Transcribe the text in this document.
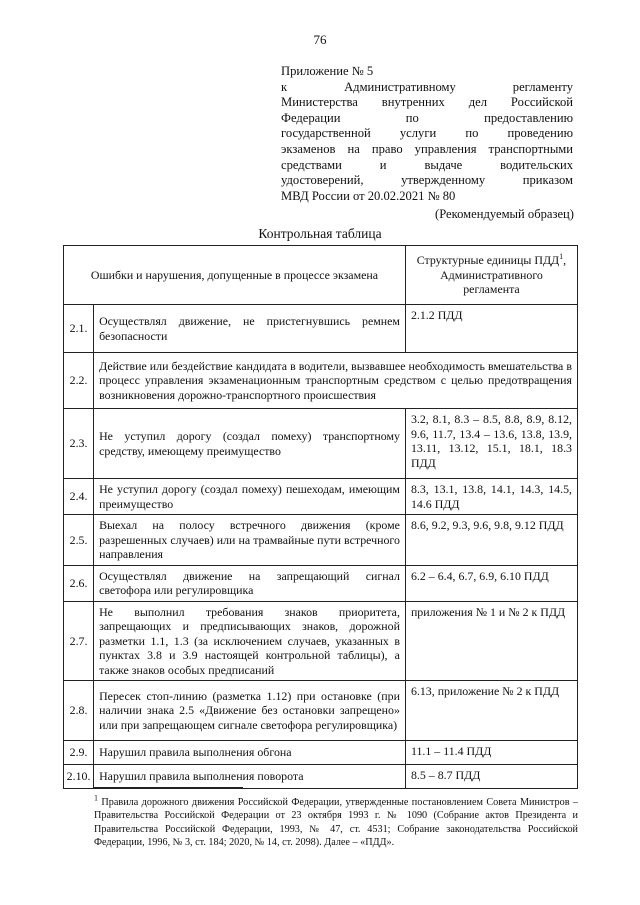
76
Приложение № 5
к Административному регламенту
Министерства внутренних дел Российской
Федерации по предоставлению
государственной услуги по проведению
экзаменов на право управления транспортными
средствами и выдаче водительских
удостоверений, утвержденному приказом
МВД России от 20.02.2021 № 80
(Рекомендуемый образец)
Контрольная таблица
Ошибки и нарушения, допущенные в процессе экзамена		Структурные единицы ПДД$^1$, Административного регламента
2.1.	Осуществлял движение, не пристегнувшись ремнем безопасности	2.1.2 ПДД
2.2.	Действие или бездействие кандидата в водители, вызвавшее необходимость вмешательства в процесс управления экзаменационным транспортным средством с целью предотвращения возникновения дорожно-транспортного происшествия	
2.3.	Не уступил дорогу (создал помеху) транспортному средству, имеющему преимущество	3.2, 8.1, 8.3 – 8.5, 8.8, 8.9, 8.12, 9.6, 11.7, 13.4 – 13.6, 13.8, 13.9, 13.11, 13.12, 15.1, 18.1, 18.3 ПДД
2.4.	Не уступил дорогу (создал помеху) пешеходам, имеющим преимущество	8.3, 13.1, 13.8, 14.1, 14.3, 14.5, 14.6 ПДД
2.5.	Выехал на полосу встречного движения (кроме разрешенных случаев) или на трамвайные пути встречного направления	8.6, 9.2, 9.3, 9.6, 9.8, 9.12 ПДД
2.6.	Осуществлял движение на запрещающий сигнал светофора или регулировщика	6.2 – 6.4, 6.7, 6.9, 6.10 ПДД
2.7.	Не выполнил требования знаков приоритета, запрещающих и предписывающих знаков, дорожной разметки 1.1, 1.3 (за исключением случаев, указанных в пунктах 3.8 и 3.9 настоящей контрольной таблицы), а также знаков особых предписаний	приложения № 1 и № 2 к ПДД
2.8.	Пересек стоп-линию (разметка 1.12) при остановке (при наличии знака 2.5 «Движение без остановки запрещено» или при запрещающем сигнале светофора регулировщика)	6.13, приложение № 2 к ПДД
2.9.	Нарушил правила выполнения обгона	11.1 – 11.4 ПДД
2.10.	Нарушил правила выполнения поворота	8.5 – 8.7 ПДД
$^1$ Правила дорожного движения Российской Федерации, утвержденные постановлением Совета Министров – Правительства Российской Федерации от 23 октября 1993 г. № 1090 (Собрание актов Президента и Правительства Российской Федерации, 1993, № 47, ст. 4531; Собрание законодательства Российской Федерации, 1996, № 3, ст. 184; 2020, № 14, ст. 2098). Далее – «ПДД».
